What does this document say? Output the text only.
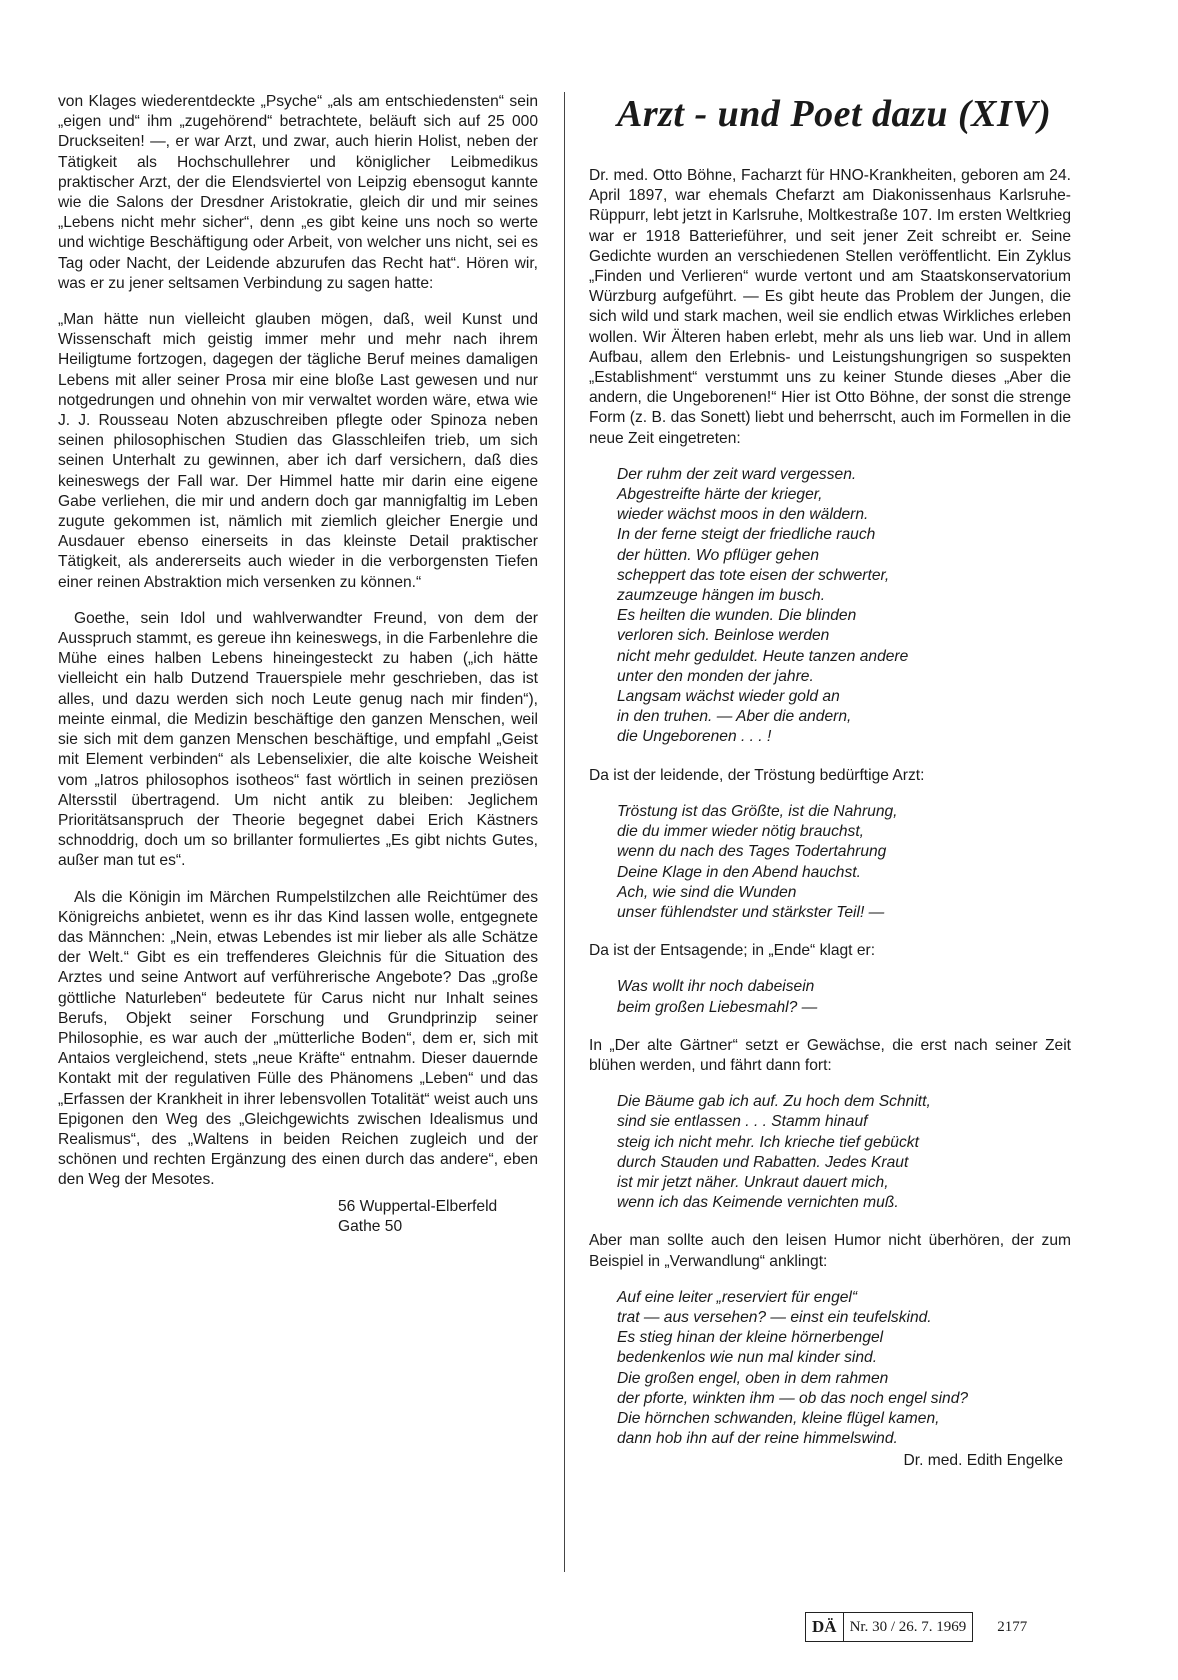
von Klages wiederentdeckte „Psyche“ „als am entschiedensten“ sein „eigen und“ ihm „zugehörend“ betrachtete, beläuft sich auf 25 000 Druckseiten! —, er war Arzt, und zwar, auch hierin Holist, neben der Tätigkeit als Hochschullehrer und königlicher Leibmedikus praktischer Arzt, der die Elendsviertel von Leipzig ebensogut kannte wie die Salons der Dresdner Aristokratie, gleich dir und mir seines „Lebens nicht mehr sicher“, denn „es gibt keine uns noch so werte und wichtige Beschäftigung oder Arbeit, von welcher uns nicht, sei es Tag oder Nacht, der Leidende abzurufen das Recht hat“. Hören wir, was er zu jener seltsamen Verbindung zu sagen hatte:

„Man hätte nun vielleicht glauben mögen, daß, weil Kunst und Wissenschaft mich geistig immer mehr und mehr nach ihrem Heiligtume fortzogen, dagegen der tägliche Beruf meines damaligen Lebens mit aller seiner Prosa mir eine bloße Last gewesen und nur notgedrungen und ohnehin von mir verwaltet worden wäre, etwa wie J. J. Rousseau Noten abzuschreiben pflegte oder Spinoza neben seinen philosophischen Studien das Glasschleifen trieb, um sich seinen Unterhalt zu gewinnen, aber ich darf versichern, daß dies keineswegs der Fall war. Der Himmel hatte mir darin eine eigene Gabe verliehen, die mir und andern doch gar mannigfaltig im Leben zugute gekommen ist, nämlich mit ziemlich gleicher Energie und Ausdauer ebenso einerseits in das kleinste Detail praktischer Tätigkeit, als andererseits auch wieder in die verborgensten Tiefen einer reinen Abstraktion mich versenken zu können.“

Goethe, sein Idol und wahlverwandter Freund, von dem der Ausspruch stammt, es gereue ihn keineswegs, in die Farbenlehre die Mühe eines halben Lebens hineingesteckt zu haben („ich hätte vielleicht ein halb Dutzend Trauerspiele mehr geschrieben, das ist alles, und dazu werden sich noch Leute genug nach mir finden“), meinte einmal, die Medizin beschäftige den ganzen Menschen, weil sie sich mit dem ganzen Menschen beschäftige, und empfahl „Geist mit Element verbinden“ als Lebenselixier, die alte koische Weisheit vom „Iatros philosophos isotheos“ fast wörtlich in seinen preziösen Altersstil übertragend. Um nicht antik zu bleiben: Jeglichem Prioritätsanspruch der Theorie begegnet dabei Erich Kästners schnoddrig, doch um so brillanter formuliertes „Es gibt nichts Gutes, außer man tut es“.

Als die Königin im Märchen Rumpelstilzchen alle Reichtümer des Königreichs anbietet, wenn es ihr das Kind lassen wolle, entgegnete das Männchen: „Nein, etwas Lebendes ist mir lieber als alle Schätze der Welt.“ Gibt es ein treffenderes Gleichnis für die Situation des Arztes und seine Antwort auf verführerische Angebote? Das „große göttliche Naturleben“ bedeutete für Carus nicht nur Inhalt seines Berufs, Objekt seiner Forschung und Grundprinzip seiner Philosophie, es war auch der „mütterliche Boden“, dem er, sich mit Antaios vergleichend, stets „neue Kräfte“ entnahm. Dieser dauernde Kontakt mit der regulativen Fülle des Phänomens „Leben“ und das „Erfassen der Krankheit in ihrer lebensvollen Totalität“ weist auch uns Epigonen den Weg des „Gleichgewichts zwischen Idealismus und Realismus“, des „Waltens in beiden Reichen zugleich und der schönen und rechten Ergänzung des einen durch das andere“, eben den Weg der Mesotes.

56 Wuppertal-Elberfeld
Gathe 50
Arzt - und Poet dazu (XIV)

Dr. med. Otto Böhne, Facharzt für HNO-Krankheiten, geboren am 24. April 1897, war ehemals Chefarzt am Diakonissenhaus Karlsruhe-Rüppurr, lebt jetzt in Karlsruhe, Moltkestraße 107. Im ersten Weltkrieg war er 1918 Batterieführer, und seit jener Zeit schreibt er. Seine Gedichte wurden an verschiedenen Stellen veröffentlicht. Ein Zyklus „Finden und Verlieren“ wurde vertont und am Staatskonservatorium Würzburg aufgeführt. — Es gibt heute das Problem der Jungen, die sich wild und stark machen, weil sie endlich etwas Wirkliches erleben wollen. Wir Älteren haben erlebt, mehr als uns lieb war. Und in allem Aufbau, allem den Erlebnis- und Leistungshungrigen so suspekten „Establishment“ verstummt uns zu keiner Stunde dieses „Aber die andern, die Ungeborenen!“ Hier ist Otto Böhne, der sonst die strenge Form (z. B. das Sonett) liebt und beherrscht, auch im Formellen in die neue Zeit eingetreten:

Der ruhm der zeit ward vergessen.
Abgestreifte härte der krieger,
wieder wächst moos in den wäldern.
In der ferne steigt der friedliche rauch
der hütten. Wo pflüger gehen
scheppert das tote eisen der schwerter,
zaumzeuge hängen im busch.
Es heilten die wunden. Die blinden
verloren sich. Beinlose werden
nicht mehr geduldet. Heute tanzen andere
unter den monden der jahre.
Langsam wächst wieder gold an
in den truhen. — Aber die andern,
die Ungeborenen . . . !

Da ist der leidende, der Tröstung bedürftige Arzt:

Tröstung ist das Größte, ist die Nahrung,
die du immer wieder nötig brauchst,
wenn du nach des Tages Todertahrung
Deine Klage in den Abend hauchst.
Ach, wie sind die Wunden
unser fühlendster und stärkster Teil! —

Da ist der Entsagende; in „Ende“ klagt er:

Was wollt ihr noch dabeisein
beim großen Liebesmahl? —

In „Der alte Gärtner“ setzt er Gewächse, die erst nach seiner Zeit blühen werden, und fährt dann fort:

Die Bäume gab ich auf. Zu hoch dem Schnitt,
sind sie entlassen . . . Stamm hinauf
steig ich nicht mehr. Ich krieche tief gebückt
durch Stauden und Rabatten. Jedes Kraut
ist mir jetzt näher. Unkraut dauert mich,
wenn ich das Keimende vernichten muß.

Aber man sollte auch den leisen Humor nicht überhören, der zum Beispiel in „Verwandlung“ anklingt:

Auf eine leiter „reserviert für engel“
trat — aus versehen? — einst ein teufelskind.
Es stieg hinan der kleine hörnerbengel
bedenkenlos wie nun mal kinder sind.
Die großen engel, oben in dem rahmen
der pforte, winkten ihm — ob das noch engel sind?
Die hörnchen schwanden, kleine flügel kamen,
dann hob ihn auf der reine himmelswind.
Dr. med. Edith Engelke
DÄ Nr. 30 / 26. 7. 1969	2177
